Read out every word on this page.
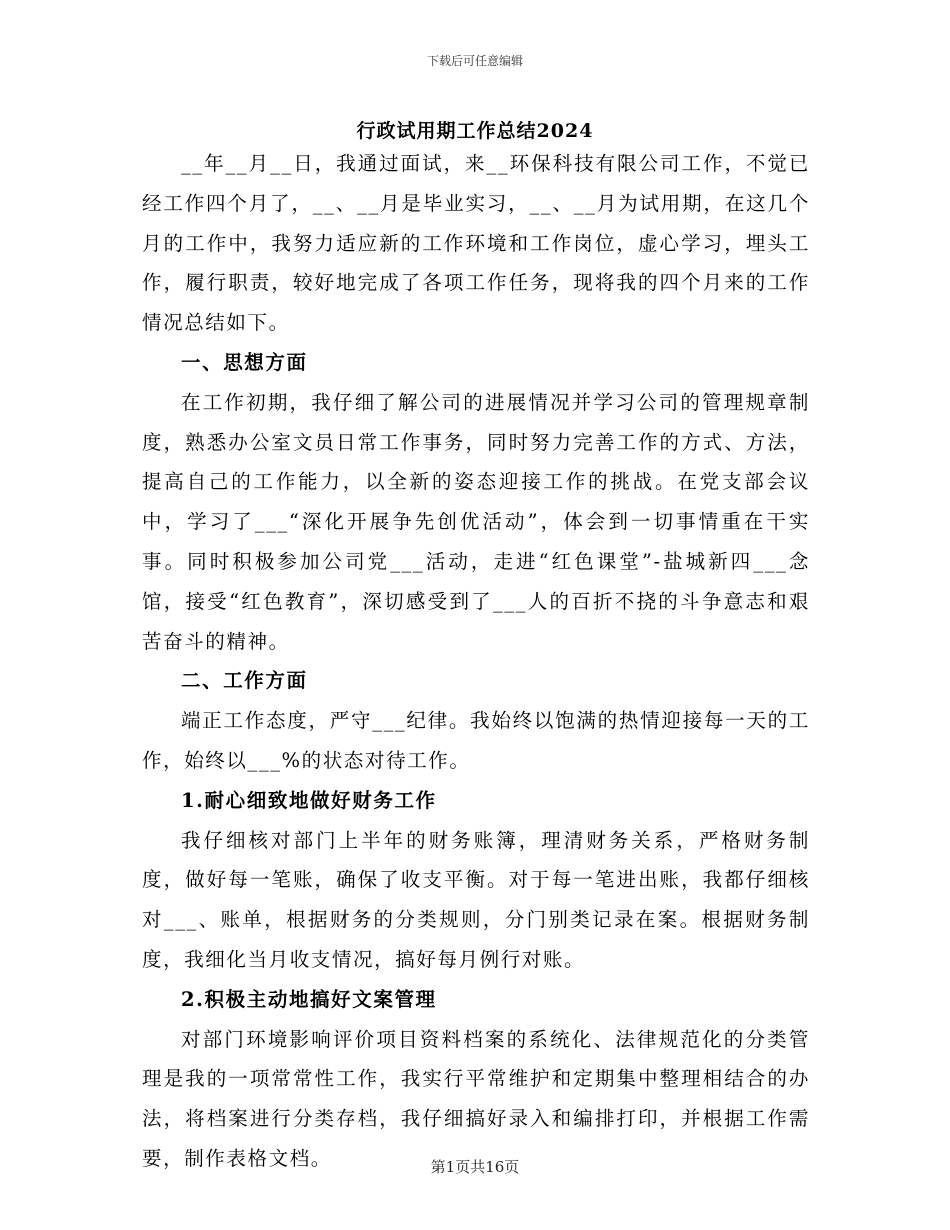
下载后可任意编辑
行政试用期工作总结2024

__年__月__日，我通过面试，来__环保科技有限公司工作，不觉已经工作四个月了，__、__月是毕业实习，__、__月为试用期，在这几个月的工作中，我努力适应新的工作环境和工作岗位，虚心学习，埋头工作，履行职责，较好地完成了各项工作任务，现将我的四个月来的工作情况总结如下。

一、思想方面

在工作初期，我仔细了解公司的进展情况并学习公司的管理规章制度，熟悉办公室文员日常工作事务，同时努力完善工作的方式、方法，提高自己的工作能力，以全新的姿态迎接工作的挑战。在党支部会议中，学习了___“深化开展争先创优活动”，体会到一切事情重在干实事。同时积极参加公司党___活动，走进“红色课堂”-盐城新四___念馆，接受“红色教育”，深切感受到了___人的百折不挠的斗争意志和艰苦奋斗的精神。

二、工作方面

端正工作态度，严守___纪律。我始终以饱满的热情迎接每一天的工作，始终以___%的状态对待工作。

1.耐心细致地做好财务工作

我仔细核对部门上半年的财务账簿，理清财务关系，严格财务制度，做好每一笔账，确保了收支平衡。对于每一笔进出账，我都仔细核对___、账单，根据财务的分类规则，分门别类记录在案。根据财务制度，我细化当月收支情况，搞好每月例行对账。

2.积极主动地搞好文案管理

对部门环境影响评价项目资料档案的系统化、法律规范化的分类管理是我的一项常常性工作，我实行平常维护和定期集中整理相结合的办法，将档案进行分类存档，我仔细搞好录入和编排打印，并根据工作需要，制作表格文档。	第1页共16页
